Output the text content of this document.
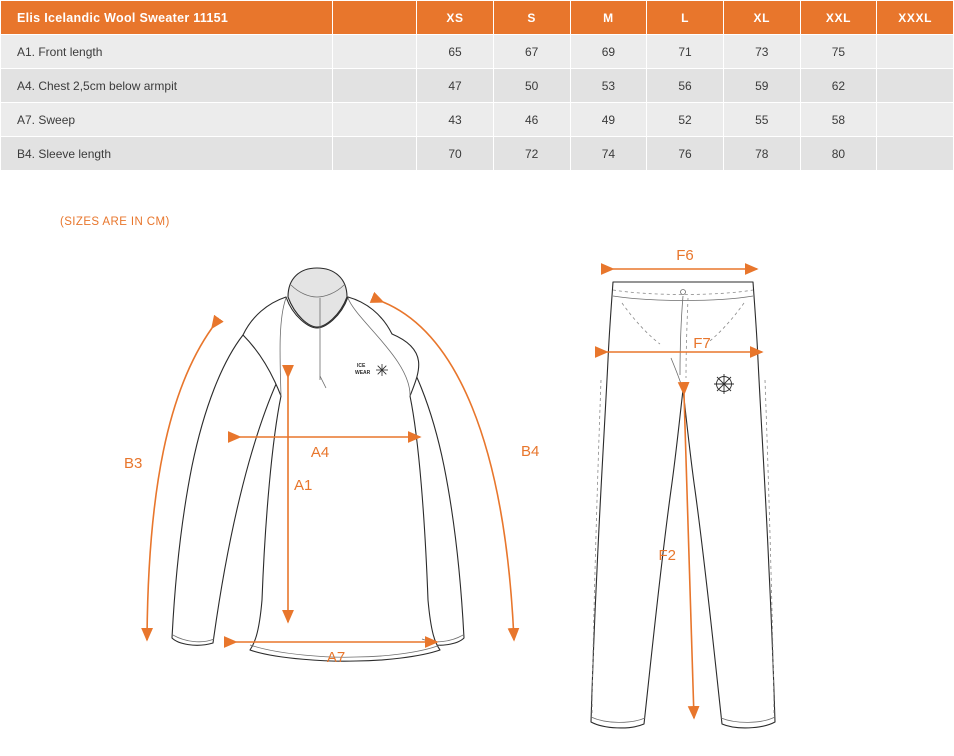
Elis Icelandic Wool Sweater 11151		XS	S	M	L	XL	XXL	XXXL
A1. Front length		65	67	69	71	73	75	
A4. Chest 2,5cm below armpit		47	50	53	56	59	62	
A7. Sweep		43	46	49	52	55	58	
B4. Sleeve length		70	72	74	76	78	80	
(SIZES ARE IN CM)
ICE
WEAR
B3
B4
A4
A1
A7
F6
F7
F2
